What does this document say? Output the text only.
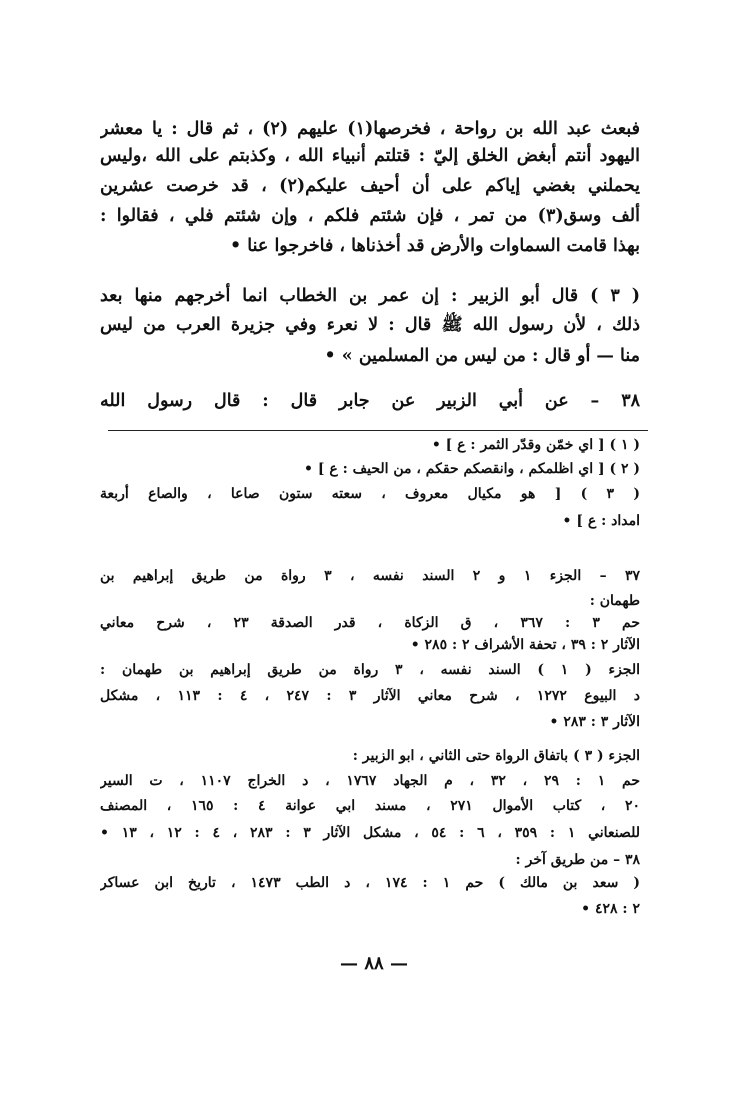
فبعث عبد الله بن رواحة ، فخرصها(١) عليهم (٢) ، ثم قال : يا معشر
اليهود أنتم أبغض الخلق إليّ : قتلتم أنبياء الله ، وكذبتم على الله ،وليس
يحملني بغضي إياكم على أن أحيف عليكم(٢) ، قد خرصت عشرين
ألف وسق(٣) من تمر ، فإن شئتم فلكم ، وإن شئتم فلي ، فقالوا :
بهذا قامت السماوات والأرض قد أخذناها ، فاخرجوا عنا •
( ٣ ) قال أبو الزبير : إن عمر بن الخطاب انما أخرجهم منها بعد
ذلك ، لأن رسول الله ﷺ قال : لا نعرء وفي جزيرة العرب من ليس
منا — أو قال : من ليس من المسلمين » •
٣٨ – عن أبي الزبير عن جابر قال : قال رسول الله
( ١ ) [ اي خمّن وقدّر الثمر : ع ] •
( ٢ ) [ اي اظلمكم ، وانقصكم حقكم ، من الحيف : ع ] •
( ٣ ) [ هو مكيال معروف ، سعته ستون صاعا ، والصاع أربعة
امداد : ع ] •
٣٧ – الجزء ١ و ٢ السند نفسه ، ٣ رواة من طريق إبراهيم بن
طهمان :
حم ٣ : ٣٦٧ ، ق الزكاة ، قدر الصدقة ٢٣ ، شرح معاني
الآثار ٢ : ٣٩ ، تحفة الأشراف ٢ : ٢٨٥ •
الجزء ( ١ ) السند نفسه ، ٣ رواة من طريق إبراهيم بن طهمان :
د البيوع ١٢٧٢ ، شرح معاني الآثار ٣ : ٢٤٧ ، ٤ : ١١٣ ، مشكل
الآثار ٣ : ٢٨٣ •
الجزء ( ٣ ) باتفاق الرواة حتى الثاني ، ابو الزبير :
حم ١ : ٢٩ ، ٣٢ ، م الجهاد ١٧٦٧ ، د الخراج ١١٠٧ ، ت السير
٢٠ ، كتاب الأموال ٢٧١ ، مسند ابي عوانة ٤ : ١٦٥ ، المصنف
للصنعاني ١ : ٣٥٩ ، ٦ : ٥٤ ، مشكل الآثار ٣ : ٢٨٣ ، ٤ : ١٢ ، ١٣ •
٣٨ – من طريق آخر :
( سعد بن مالك ) حم ١ : ١٧٤ ، د الطب ١٤٧٣ ، تاريخ ابن عساكر
٢ : ٤٢٨ •
— ٨٨ —
